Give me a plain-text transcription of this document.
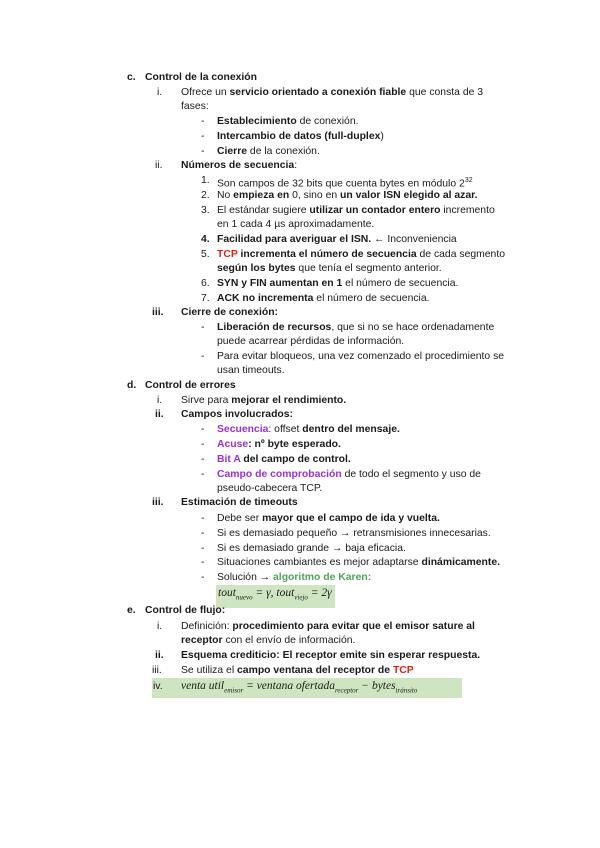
c. Control de la conexión
i. Ofrece un servicio orientado a conexión fiable que consta de 3
fases:
- Establecimiento de conexión.
- Intercambio de datos (full-duplex)
- Cierre de la conexión.
ii. Números de secuencia:
1. Son campos de 32 bits que cuenta bytes en módulo $2^{32}$
2. No empieza en 0, sino en un valor ISN elegido al azar.
3. El estándar sugiere utilizar un contador entero incremento
en 1 cada 4 µs aproximadamente.
4. Facilidad para averiguar el ISN. ← Inconveniencia
5. TCP incrementa el número de secuencia de cada segmento
según los bytes que tenía el segmento anterior.
6. SYN y FIN aumentan en 1 el número de secuencia.
7. ACK no incrementa el número de secuencia.
iii. Cierre de conexión:
- Liberación de recursos, que si no se hace ordenadamente
puede acarrear pérdidas de información.
- Para evitar bloqueos, una vez comenzado el procedimiento se
usan timeouts.
d. Control de errores
i. Sirve para mejorar el rendimiento.
ii. Campos involucrados:
- Secuencia: offset dentro del mensaje.
- Acuse: nº byte esperado.
- Bit A del campo de control.
- Campo de comprobación de todo el segmento y uso de
pseudo-cabecera TCP.
iii. Estimación de timeouts
- Debe ser mayor que el campo de ida y vuelta.
- Si es demasiado pequeño → retransmisiones innecesarias.
- Si es demasiado grande → baja eficacia.
- Situaciones cambiantes es mejor adaptarse dinámicamente.
- Solución → algoritmo de Karen:
tout$_{nuevo}$ = γ, tout$_{viejo}$ = 2γ
e. Control de flujo:
i. Definición: procedimiento para evitar que el emisor sature al
receptor con el envío de información.
ii. Esquema crediticio: El receptor emite sin esperar respuesta.
iii. Se utiliza el campo ventana del receptor de TCP
iv. venta util$_{emisor}$ = ventana ofertada$_{receptor}$ − bytes$_{tránsito}$
